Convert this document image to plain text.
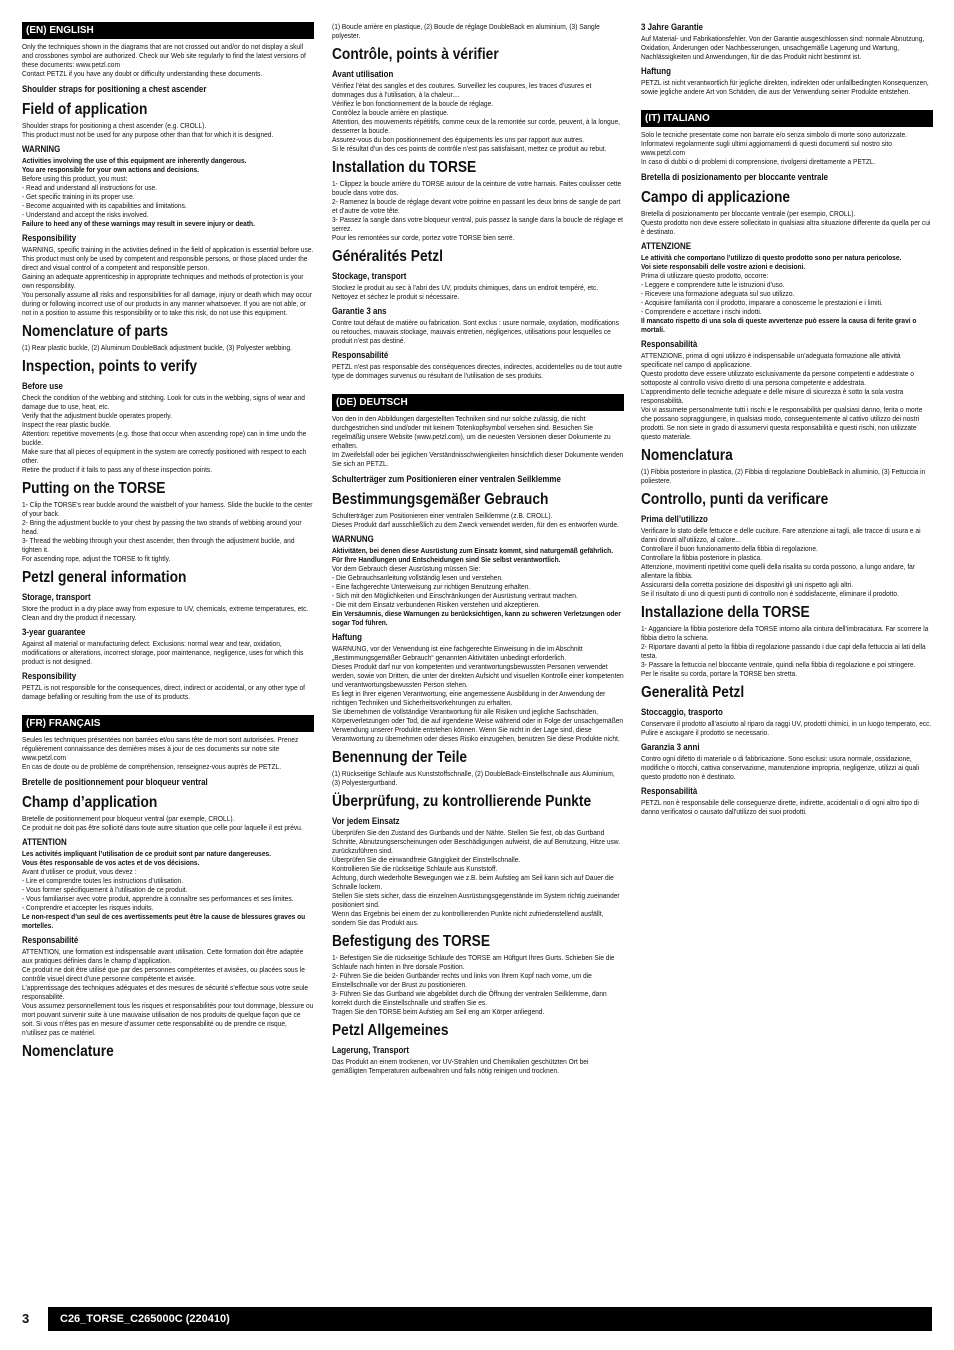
(EN) ENGLISH

Only the techniques shown in the diagrams that are not crossed out and/or do not display a skull and crossbones symbol are authorized. Check our Web site regularly to find the latest versions of these documents: www.petzl.com
Contact PETZL if you have any doubt or difficulty understanding these documents.

Shoulder straps for positioning a chest ascender
Field of application

Shoulder straps for positioning a chest ascender (e.g. CROLL).
This product must not be used for any purpose other than that for which it is designed.

WARNING

Activities involving the use of this equipment are inherently dangerous.
You are responsible for your own actions and decisions.

Before using this product, you must:
- Read and understand all instructions for use.
- Get specific training in its proper use.
- Become acquainted with its capabilities and limitations.
- Understand and accept the risks involved.

Failure to heed any of these warnings may result in severe injury or death.

Responsibility

WARNING, specific training in the activities defined in the field of application is essential before use.
This product must only be used by competent and responsible persons, or those placed under the direct and visual control of a competent and responsible person.
Gaining an adequate apprenticeship in appropriate techniques and methods of protection is your own responsibility.
You personally assume all risks and responsibilities for all damage, injury or death which may occur during or following incorrect use of our products in any manner whatsoever. If you are not able, or not in a position to assume this responsibility or to take this risk, do not use this equipment.

Nomenclature of parts

(1) Rear plastic buckle, (2) Aluminum DoubleBack adjustment buckle, (3) Polyester webbing.

Inspection, points to verify
Before use

Check the condition of the webbing and stitching. Look for cuts in the webbing, signs of wear and damage due to use, heat, etc.
Verify that the adjustment buckle operates properly.
Inspect the rear plastic buckle.
Attention: repetitive movements (e.g. those that occur when ascending rope) can in time undo the buckle.
Make sure that all pieces of equipment in the system are correctly positioned with respect to each other.
Retire the product if it fails to pass any of these inspection points.

Putting on the TORSE

1- Clip the TORSE's rear buckle around the waistbelt of your harness. Slide the buckle to the center of your back.
2- Bring the adjustment buckle to your chest by passing the two strands of webbing around your head.
3- Thread the webbing through your chest ascender, then through the adjustment buckle, and tighten it.
For ascending rope, adjust the TORSE to fit tightly.

Petzl general information
Storage, transport

Store the product in a dry place away from exposure to UV, chemicals, extreme temperatures, etc. Clean and dry the product if necessary.

3-year guarantee

Against all material or manufacturing defect. Exclusions: normal wear and tear, oxidation, modifications or alterations, incorrect storage, poor maintenance, negligence, uses for which this product is not designed.

Responsibility

PETZL is not responsible for the consequences, direct, indirect or accidental, or any other type of damage befalling or resulting from the use of its products.

(FR) FRANÇAIS

Seules les techniques présentées non barrées et/ou sans tête de mort sont autorisées. Prenez régulièrement connaissance des dernières mises à jour de ces documents sur notre site www.petzl.com
En cas de doute ou de problème de compréhension, renseignez-vous auprès de PETZL.

Bretelle de positionnement pour bloqueur ventral
Champ d’application

Bretelle de positionnement pour bloqueur ventral (par exemple, CROLL).
Ce produit ne doit pas être sollicité dans toute autre situation que celle pour laquelle il est prévu.

ATTENTION

Les activités impliquant l’utilisation de ce produit sont par nature dangereuses.
Vous êtes responsable de vos actes et de vos décisions.

Avant d’utiliser ce produit, vous devez :
- Lire et comprendre toutes les instructions d’utilisation.
- Vous former spécifiquement à l’utilisation de ce produit.
- Vous familiariser avec votre produit, apprendre à connaître ses performances et ses limites.
- Comprendre et accepter les risques induits.

Le non-respect d’un seul de ces avertissements peut être la cause de blessures graves ou mortelles.

Responsabilité

ATTENTION, une formation est indispensable avant utilisation. Cette formation doit être adaptée aux pratiques définies dans le champ d’application.
Ce produit ne doit être utilisé que par des personnes compétentes et avisées, ou placées sous le contrôle visuel direct d’une personne compétente et avisée.
L’apprentissage des techniques adéquates et des mesures de sécurité s’effectue sous votre seule responsabilité.
Vous assumez personnellement tous les risques et responsabilités pour tout dommage, blessure ou mort pouvant survenir suite à une mauvaise utilisation de nos produits de quelque façon que ce soit. Si vous n’êtes pas en mesure d’assumer cette responsabilité ou de prendre ce risque, n’utilisez pas ce matériel.

Nomenclature

(1) Boucle arrière en plastique, (2) Boucle de réglage DoubleBack en aluminium, (3) Sangle polyester.

Contrôle, points à vérifier
Avant utilisation

Vérifiez l’état des sangles et des coutures. Surveillez les coupures, les traces d’usures et dommages dus à l’utilisation, à la chaleur....
Vérifiez le bon fonctionnement de la boucle de réglage.
Contrôlez la boucle arrière en plastique.
Attention, des mouvements répétitifs, comme ceux de la remontée sur corde, peuvent, à la longue, desserrer la boucle.
Assurez-vous du bon positionnement des équipements les uns par rapport aux autres.
Si le résultat d’un des ces points de contrôle n’est pas satisfaisant, mettez ce produit au rebut.

Installation du TORSE

1- Clippez la boucle arrière du TORSE autour de la ceinture de votre harnais. Faites coulisser cette boucle dans votre dos.
2- Ramenez la boucle de réglage devant votre poitrine en passant les deux brins de sangle de part et d’autre de votre tête.
3- Passez la sangle dans votre bloqueur ventral, puis passez la sangle dans la boucle de réglage et serrez.
Pour les remontées sur corde, portez votre TORSE bien serré.

Généralités Petzl
Stockage, transport

Stockez le produit au sec à l’abri des UV, produits chimiques, dans un endroit tempéré, etc. Nettoyez et séchez le produit si nécessaire.

Garantie 3 ans

Contre tout défaut de matière ou fabrication. Sont exclus : usure normale, oxydation, modifications ou retouches, mauvais stockage, mauvais entretien, négligences, utilisations pour lesquelles ce produit n’est pas destiné.

Responsabilité

PETZL n’est pas responsable des conséquences directes, indirectes, accidentelles ou de tout autre type de dommages survenus ou résultant de l’utilisation de ses produits.

(DE) DEUTSCH

Von den in den Abbildungen dargestellten Techniken sind nur solche zulässig, die nicht durchgestrichen sind und/oder mit keinem Totenkopfsymbol versehen sind. Besuchen Sie regelmäßig unsere Website (www.petzl.com), um die neuesten Versionen dieser Dokumente zu erhalten.
Im Zweifelsfall oder bei jeglichen Verständnisschwierigkeiten hinsichtlich dieser Dokumente wenden Sie sich an PETZL.

Schulterträger zum Positionieren einer ventralen Seilklemme
Bestimmungsgemäßer Gebrauch

Schulterträger zum Positionieren einer ventralen Seilklemme (z.B. CROLL).
Dieses Produkt darf ausschließlich zu dem Zweck verwendet werden, für den es entworfen wurde.

WARNUNG

Aktivitäten, bei denen diese Ausrüstung zum Einsatz kommt, sind naturgemäß gefährlich.
Für Ihre Handlungen und Entscheidungen sind Sie selbst verantwortlich.

Vor dem Gebrauch dieser Ausrüstung müssen Sie:
- Die Gebrauchsanleitung vollständig lesen und verstehen.
- Eine fachgerechte Unterweisung zur richtigen Benutzung erhalten.
- Sich mit den Möglichkeiten und Einschränkungen der Ausrüstung vertraut machen.
- Die mit dem Einsatz verbundenen Risiken verstehen und akzeptieren.

Ein Versäumnis, diese Warnungen zu berücksichtigen, kann zu schweren Verletzungen oder sogar Tod führen.

Haftung

WARNUNG, vor der Verwendung ist eine fachgerechte Einweisung in die im Abschnitt „Bestimmungsgemäßer Gebrauch“ genannten Aktivitäten unbedingt erforderlich.
Dieses Produkt darf nur von kompetenten und verantwortungsbewussten Personen verwendet werden, sowie von Dritten, die unter der direkten Aufsicht und visuellen Kontrolle einer kompetenten und verantwortungsbewussten Person stehen.
Es liegt in Ihrer eigenen Verantwortung, eine angemessene Ausbildung in der Anwendung der richtigen Techniken und Sicherheitsvorkehrungen zu erhalten.
Sie übernehmen die vollständige Verantwortung für alle Risiken und jegliche Sachschäden, Körperverletzungen oder Tod, die auf irgendeine Weise während oder in Folge der unsachgemäßen Verwendung unserer Produkte entstehen können. Wenn Sie nicht in der Lage sind, diese Verantwortung zu übernehmen oder dieses Risiko einzugehen, benutzen Sie diese Produkte nicht.

Benennung der Teile

(1) Rückseitige Schlaufe aus Kunststoffschnalle, (2) DoubleBack-Einstellschnalle aus Aluminium, (3) Polyestergurtband.

Überprüfung, zu kontrollierende Punkte
Vor jedem Einsatz

Überprüfen Sie den Zustand des Gurtbands und der Nähte. Stellen Sie fest, ob das Gurtband Schnitte, Abnutzungserscheinungen oder Beschädigungen aufweist, die auf Benutzung, Hitze usw. zurückzuführen sind.
Überprüfen Sie die einwandfreie Gängigkeit der Einstellschnalle.
Kontrollieren Sie die rückseitige Schlaufe aus Kunststoff.
Achtung, durch wiederholte Bewegungen wie z.B. beim Aufstieg am Seil kann sich auf Dauer die Schnalle lockern.
Stellen Sie stets sicher, dass die einzelnen Ausrüstungsgegenstände im System richtig zueinander positioniert sind.
Wenn das Ergebnis bei einem der zu kontrollierenden Punkte nicht zufriedenstellend ausfällt, sondern Sie das Produkt aus.

Befestigung des TORSE

1- Befestigen Sie die rückseitige Schlaufe des TORSE am Hüftgurt Ihres Gurts. Schieben Sie die Schlaufe nach hinten in Ihre dorsale Position.
2- Führen Sie die beiden Gurtbänder rechts und links von Ihrem Kopf nach vorne, um die Einstellschnalle vor der Brust zu positionieren.
3- Führen Sie das Gurtband wie abgebildet durch die Öffnung der ventralen Seilklemme, dann korrekt durch die Einstellschnalle und straffen Sie es.
Tragen Sie den TORSE beim Aufstieg am Seil eng am Körper anliegend.

Petzl Allgemeines
Lagerung, Transport

Das Produkt an einem trockenen, vor UV-Strahlen und Chemikalien geschützten Ort bei gemäßigten Temperaturen aufbewahren und falls nötig reinigen und trocknen.

3 Jahre Garantie

Auf Material- und Fabrikationsfehler. Von der Garantie ausgeschlossen sind: normale Abnutzung, Oxidation, Änderungen oder Nachbesserungen, unsachgemäße Lagerung und Wartung, Nachlässigkeiten und Anwendungen, für die das Produkt nicht bestimmt ist.

Haftung

PETZL ist nicht verantwortlich für jegliche direkten, indirekten oder unfallbedingten Konsequenzen, sowie jegliche andere Art von Schäden, die aus der Verwendung seiner Produkte entstehen.

(IT) ITALIANO

Solo le tecniche presentate come non barrate e/o senza simbolo di morte sono autorizzate. Informatevi regolarmente sugli ultimi aggiornamenti di questi documenti sul nostro sito www.petzl.com
In caso di dubbi o di problemi di comprensione, rivolgersi direttamente a PETZL.

Bretella di posizionamento per bloccante ventrale
Campo di applicazione

Bretella di posizionamento per bloccante ventrale (per esempio, CROLL).
Questo prodotto non deve essere sollecitato in qualsiasi altra situazione differente da quella per cui è destinato.

ATTENZIONE

Le attività che comportano l’utilizzo di questo prodotto sono per natura pericolose.
Voi siete responsabili delle vostre azioni e decisioni.

Prima di utilizzare questo prodotto, occorre:
- Leggere e comprendere tutte le istruzioni d’uso.
- Ricevere una formazione adeguata sul suo utilizzo.
- Acquisire familiarità con il prodotto, imparare a conoscerne le prestazioni e i limiti.
- Comprendere e accettare i rischi indotti.

Il mancato rispetto di una sola di queste avvertenze può essere la causa di ferite gravi o mortali.

Responsabilità

ATTENZIONE, prima di ogni utilizzo è indispensabile un’adeguata formazione alle attività specificate nel campo di applicazione.
Questo prodotto deve essere utilizzato esclusivamente da persone competenti e addestrate o sottoposte al controllo visivo diretto di una persona competente e addestrata.
L’apprendimento delle tecniche adeguate e delle misure di sicurezza è sotto la sola vostra responsabilità.
Voi vi assumete personalmente tutti i rischi e le responsabilità per qualsiasi danno, ferita o morte che possano sopraggiungere, in qualsiasi modo, conseguentemente al cattivo utilizzo dei nostri prodotti. Se non siete in grado di assumervi questa responsabilità e questi rischi, non utilizzate questo materiale.

Nomenclatura

(1) Fibbia posteriore in plastica, (2) Fibbia di regolazione DoubleBack in alluminio, (3) Fettuccia in poliestere.

Controllo, punti da verificare
Prima dell’utilizzo

Verificare lo stato delle fettucce e delle cuciture. Fare attenzione ai tagli, alle tracce di usura e ai danni dovuti all’utilizzo, al calore...
Controllare il buon funzionamento della fibbia di regolazione.
Controllare la fibbia posteriore in plastica.
Attenzione, movimenti ripetitivi come quelli della risalita su corda possono, a lungo andare, far allentare la fibbia.
Assicurarsi della corretta posizione dei dispositivi gli uni rispetto agli altri.
Se il risultato di uno di questi punti di controllo non è soddisfacente, eliminare il prodotto.

Installazione della TORSE

1- Agganciare la fibbia posteriore della TORSE intorno alla cintura dell’imbracatura. Far scorrere la fibbia dietro la schiena.
2- Riportare davanti al petto la fibbia di regolazione passando i due capi della fettuccia ai lati della testa.
3- Passare la fettuccia nel bloccante ventrale, quindi nella fibbia di regolazione e poi stringere.
Per le risalite su corda, portare la TORSE ben stretta.

Generalità Petzl
Stoccaggio, trasporto

Conservare il prodotto all’asciutto al riparo da raggi UV, prodotti chimici, in un luogo temperato, ecc. Pulire e asciugare il prodotto se necessario.

Garanzia 3 anni

Contro ogni difetto di materiale o di fabbricazione. Sono esclusi: usura normale, ossidazione, modifiche o ritocchi, cattiva conservazione, manutenzione impropria, negligenze, utilizzi ai quali questo prodotto non è destinato.

Responsabilità

PETZL non è responsabile delle conseguenze dirette, indirette, accidentali o di ogni altro tipo di danno verificatosi o causato dall’utilizzo dei suoi prodotti.

3	C26_TORSE_C265000C (220410)
